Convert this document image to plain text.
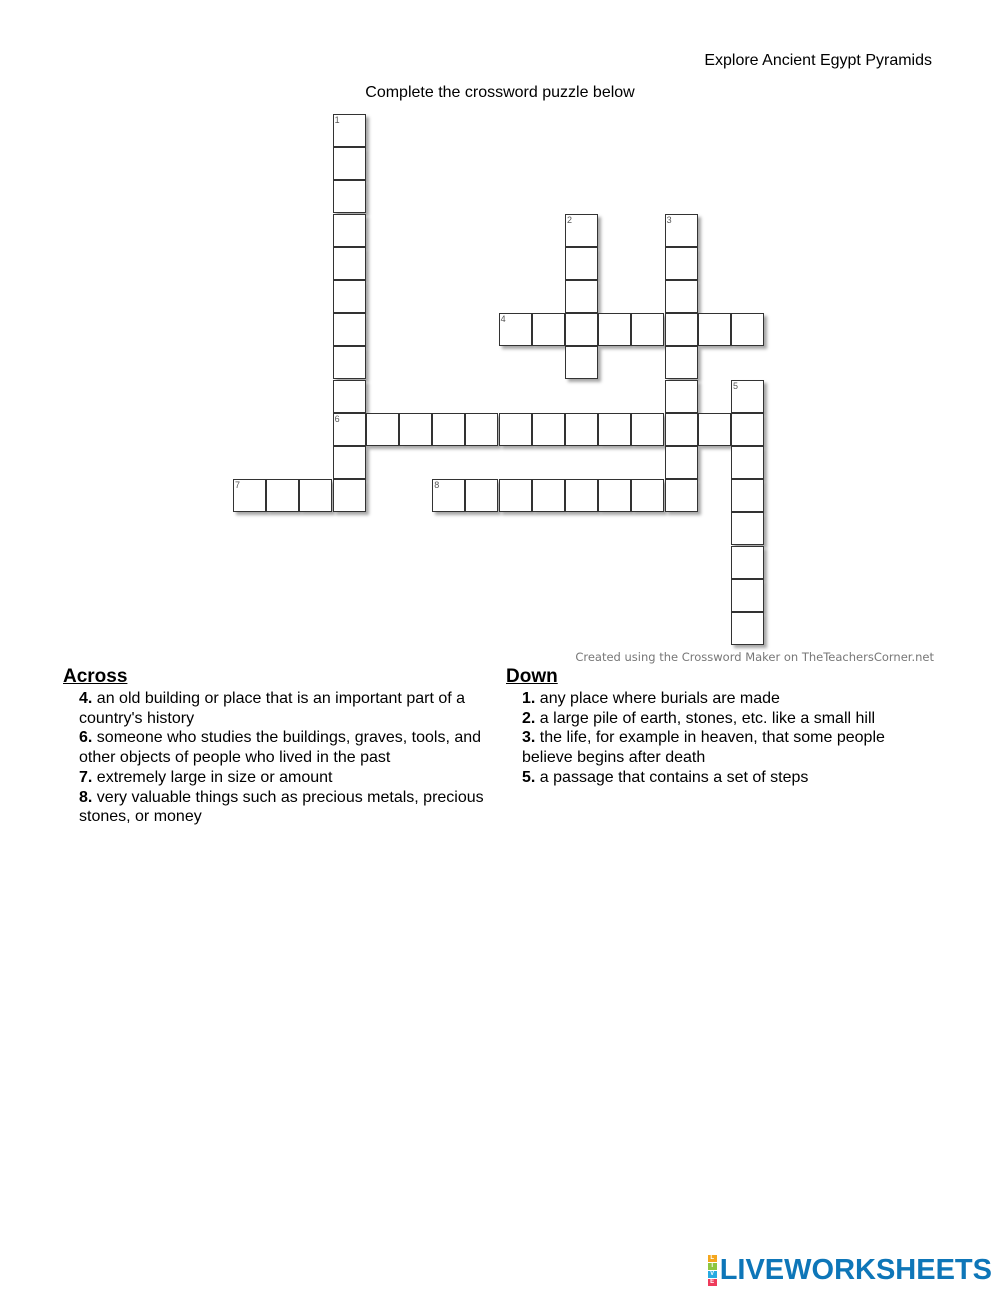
Explore Ancient Egypt Pyramids
Complete the crossword puzzle below
1
2	3
4
5
6
7	8
Created using the Crossword Maker on TheTeachersCorner.net
Across
4. an old building or place that is an important part of a country's history
6. someone who studies the buildings, graves, tools, and other objects of people who lived in the past
7. extremely large in size or amount
8. very valuable things such as precious metals, precious stones, or money
Down
1. any place where burials are made
2. a large pile of earth, stones, etc. like a small hill
3. the life, for example in heaven, that some people believe begins after death
5. a passage that contains a set of steps
L
I
V
E LIVEWORKSHEETS
